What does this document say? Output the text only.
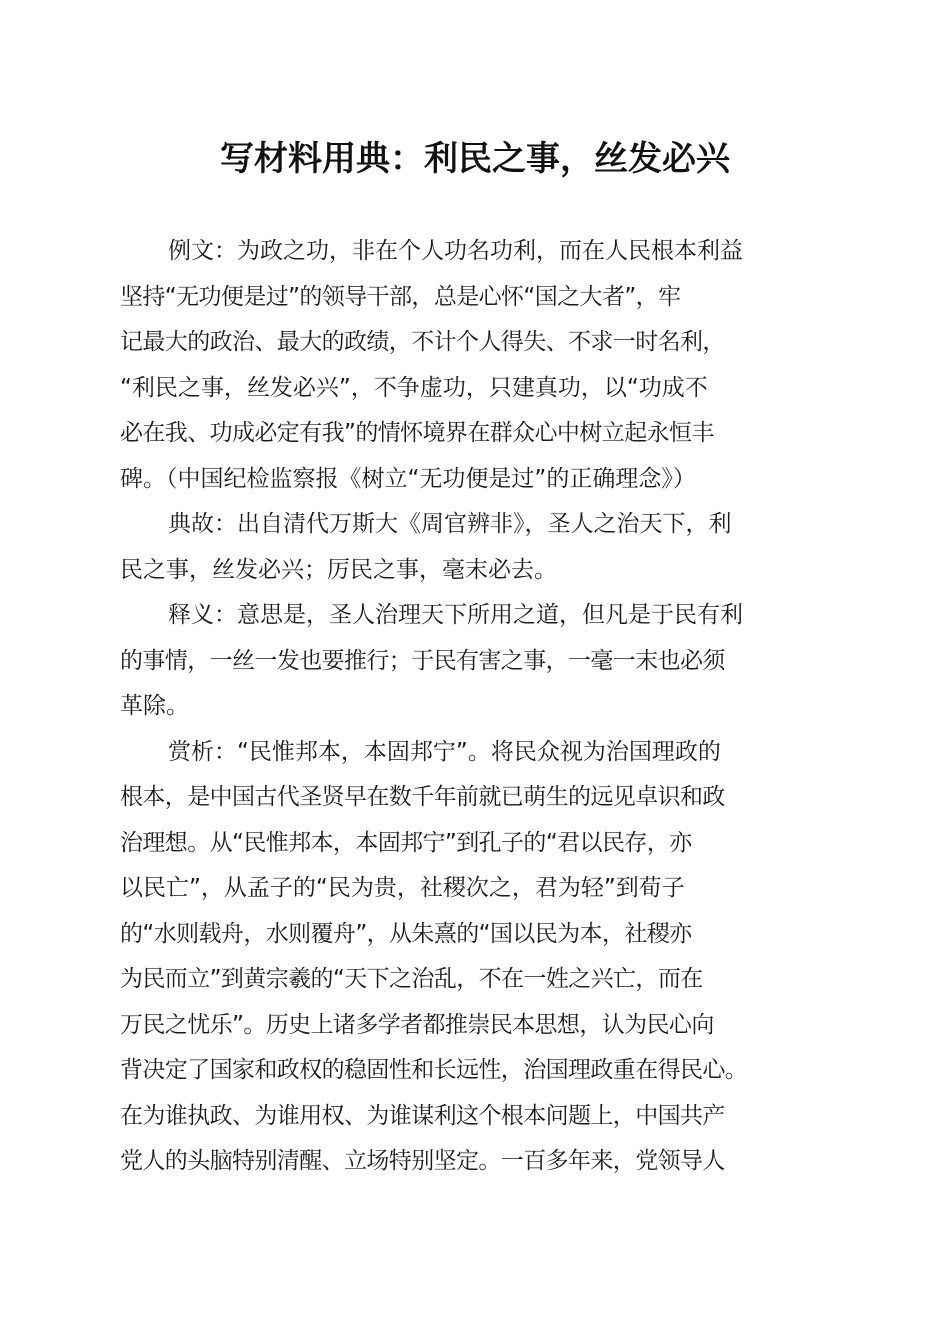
写材料用典：利民之事，丝发必兴
例文：为政之功，非在个人功名功利，而在人民根本利益
坚持“无功便是过”的领导干部，总是心怀“国之大者”，牢
记最大的政治、最大的政绩，不计个人得失、不求一时名利，
“利民之事，丝发必兴”，不争虚功，只建真功，以“功成不
必在我、功成必定有我”的情怀境界在群众心中树立起永恒丰
碑。（中国纪检监察报《树立“无功便是过”的正确理念》）
典故：出自清代万斯大《周官辨非》，圣人之治天下，利
民之事，丝发必兴；厉民之事，毫末必去。
释义：意思是，圣人治理天下所用之道，但凡是于民有利
的事情，一丝一发也要推行；于民有害之事，一毫一末也必须
革除。
赏析：“民惟邦本，本固邦宁”。将民众视为治国理政的
根本，是中国古代圣贤早在数千年前就已萌生的远见卓识和政
治理想。从“民惟邦本，本固邦宁”到孔子的“君以民存，亦
以民亡”，从孟子的“民为贵，社稷次之，君为轻”到荀子
的“水则载舟，水则覆舟”，从朱熹的“国以民为本，社稷亦
为民而立”到黄宗羲的“天下之治乱，不在一姓之兴亡，而在
万民之忧乐”。历史上诸多学者都推崇民本思想，认为民心向
背决定了国家和政权的稳固性和长远性，治国理政重在得民心。
在为谁执政、为谁用权、为谁谋利这个根本问题上，中国共产
党人的头脑特别清醒、立场特别坚定。一百多年来，党领导人
